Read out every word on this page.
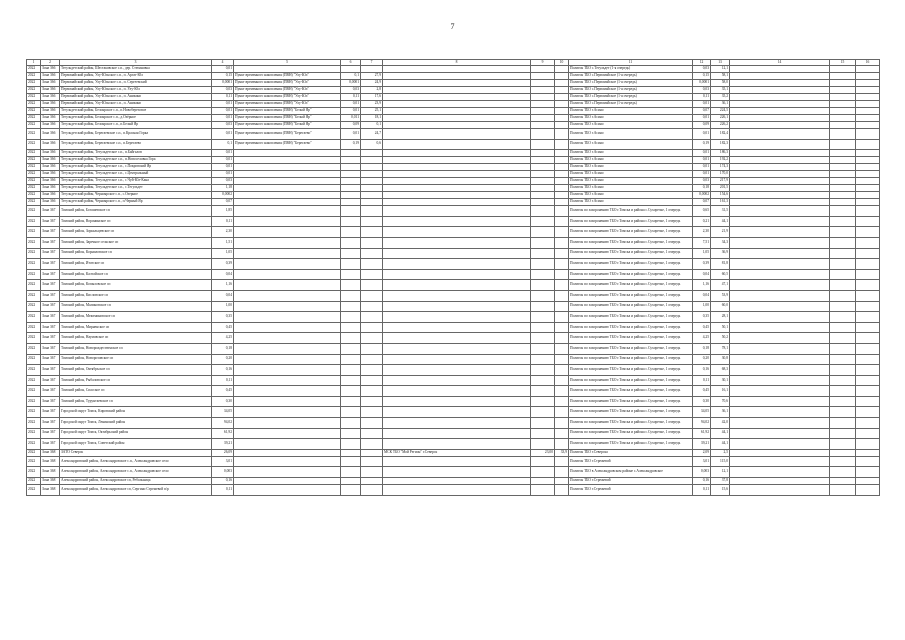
7
1	2	3	4	5	6	7	8	9	10	11	12	13	14	15	16
2022	Зона 366	Тегульдетский район, Шестаковское с.п., дер. Степановка	0,01							Полигон ТБО с.Тегульдет (1-я очередь)	0,03	12,1			
2022	Зона 366	Первомайский район, Улу-Юльское с.п., п. Аргат-Юл	0,15	Пункт временного накопления (ПВН) "Улу-Юл"	0,1	27,9				Полигон ТБО с.Первомайское (1-я очередь)	0,15	58,1			
2022	Зона 366	Первомайский район, Улу-Юльское с.п., п. Сергеевский	0,0001	Пункт временного накопления (ПВН) "Улу-Юл"	0,0001	24,9				Полигон ТБО с.Первомайское (1-я очередь)	0,0001	58,0			
2022	Зона 366	Первомайский район, Улу-Юльское с.п., п. Улу-Юл	0,03	Пункт временного накопления (ПВН) "Улу-Юл"	0,03	2,8				Полигон ТБО с.Первомайское (1-я очередь)	0,03	35,1			
2022	Зона 366	Первомайский район, Улу-Юльское с.п., п. Аникино	0,11	Пункт временного накопления (ПВН) "Улу-Юл"	0,11	17,6				Полигон ТБО с.Первомайское (1-я очередь)	0,11	35,2			
2022	Зона 366	Первомайский район, Улу-Юльское с.п., п. Аникино	0,01	Пункт временного накопления (ПВН) "Улу-Юл"	0,01	23,9				Полигон ТБО с.Первомайское (1-я очередь)	0,01	36,1			
2022	Зона 366	Тегульдетский район, Белоярское с.п., п.Новоберезовое	0,01	Пункт временного накопления (ПВН) "Белый Яр"	0,01	25,1				Полигон ТБО г.Асино	0,07	224,5			
2022	Зона 366	Тегульдетский район, Белоярское с.п., д.Озёрное	0,01	Пункт временного накопления (ПВН) "Белый Яр"	0,011	18,1				Полигон ТБО г.Асино	0,01	226,1			
2022	Зона 366	Тегульдетский район, Белоярское с.п., п.Белый Яр	0,03	Пункт временного накопления (ПВН) "Белый Яр"	0,09	0,1				Полигон ТБО г.Асино	0,09	226,2			
2022	Зона 366	Тегульдетский район, Берегаевское с.п., п.Красная Горка	0,01	Пункт временного накопления (ПВН) "Берегаево"	0,01	24,7				Полигон ТБО г.Асино	0,01	182,4			
2022	Зона 366	Тегульдетский район, Берегаевское с.п., п.Берегаево	0,1	Пункт временного накопления (ПВН) "Берегаево"	0,19	0,6				Полигон ТБО г.Асино	0,19	182,3			
2022	Зона 366	Тегульдетский район, Тегульдетское с.п., п.Байгалов	0,01							Полигон ТБО г.Асино	0,01	186,3			
2022	Зона 366	Тегульдетский район, Тегульдетское с.п., п.Новоселовка Гора	0,01							Полигон ТБО г.Асино	0,01	192,2			
2022	Зона 366	Тегульдетский район, Тегульдетское с.п., с.Покровский Яр	0,01							Полигон ТБО г.Асино	0,01	174,3			
2022	Зона 366	Тегульдетский район, Тегульдетское с.п., с.Центральный	0,01							Полигон ТБО г.Асино	0,01	170,0			
2022	Зона 366	Тегульдетский район, Тегульдетское с.п., с.Чуй-Юл-Кана	0,03							Полигон ТБО г.Асино	0,03	217,9			
2022	Зона 366	Тегульдетский район, Тегульдетское с.п., с.Тегульдет	1,18							Полигон ТБО г.Асино	0,18	201,5			
2022	Зона 366	Тегульдетский район, Черноярское с.п., с.Озерное	0,0002							Полигон ТБО г.Асино	0,0002	154,6			
2022	Зона 366	Тегульдетский район, Черноярское с.п., п.Черный Яр	0,07							Полигон ТБО г.Асино	0,07	161,3			
2022	Зона 367	Томский район, Богашевское сп	1,85							Полигон по захоронению ТБО г.Томска и района с.Сухоречье, 1 очередь	0,65	31,5			
2022	Зона 367	Томский район, Воронинское сп	0,11							Полигон по захоронению ТБО г.Томска и района с.Сухоречье, 1 очередь	0,21	44,1			
2022	Зона 367	Томский район, Зоркальцевское сп	2,30							Полигон по захоронению ТБО г.Томска и района с.Сухоречье, 1 очередь	2,30	21,9			
2022	Зона 367	Томский район, Заречное сельское сп	1,51							Полигон по захоронению ТБО г.Томска и района с.Сухоречье, 1 очередь	7,51	34,3			
2022	Зона 367	Томский район, Корниловское сп	1,05							Полигон по захоронению ТБО г.Томска и района с.Сухоречье, 1 очередь	1,05	36,9			
2022	Зона 367	Томский район, Итатское сп	0,39							Полигон по захоронению ТБО г.Томска и района с.Сухоречье, 1 очередь	0,39	81,8			
2022	Зона 367	Томский район, Калтайское сп	0,04							Полигон по захоронению ТБО г.Томска и района с.Сухоречье, 1 очередь	0,04	60,5			
2022	Зона 367	Томский район, Копыловское сп	1,16							Полигон по захоронению ТБО г.Томска и района с.Сухоречье, 1 очередь	1,16	47,1			
2022	Зона 367	Томский район, Кисловское сп	0,04							Полигон по захоронению ТБО г.Томска и района с.Сухоречье, 1 очередь	0,04	53,9			
2022	Зона 367	Томский район, Малиновское сп	1,00							Полигон по захоронению ТБО г.Томска и района с.Сухоречье, 1 очередь	1,00	60,0			
2022	Зона 367	Томский район, Межениновское сп	0,35							Полигон по захоронению ТБО г.Томска и района с.Сухоречье, 1 очередь	0,35	28,1			
2022	Зона 367	Томский район, Мирненское сп	0,45							Полигон по захоронению ТБО г.Томска и района с.Сухоречье, 1 очередь	0,45	50,1			
2022	Зона 367	Томский район, Наумовское сп	4,25							Полигон по захоронению ТБО г.Томска и района с.Сухоречье, 1 очередь	4,25	50,2			
2022	Зона 367	Томский район, Новорождественское сп	0,18							Полигон по захоронению ТБО г.Томска и района с.Сухоречье, 1 очередь	0,18	78,1			
2022	Зона 367	Томский район, Новорозовское сп	0,20							Полигон по захоронению ТБО г.Томска и района с.Сухоречье, 1 очередь	0,20	30,8			
2022	Зона 367	Томский район, Октябрьское сп	0,16							Полигон по захоронению ТБО г.Томска и района с.Сухоречье, 1 очередь	0,16	68,3			
2022	Зона 367	Томский район, Рыбаловское сп	0,11							Полигон по захоронению ТБО г.Томска и района с.Сухоречье, 1 очередь	0,11	30,1			
2022	Зона 367	Томский район, Спасское сп	0,45							Полигон по захоронению ТБО г.Томска и района с.Сухоречье, 1 очередь	0,45	16,1			
2022	Зона 367	Томский район, Турунтаевское сп	0,30							Полигон по захоронению ТБО г.Томска и района с.Сухоречье, 1 очередь	0,30	70,6			
2022	Зона 367	Городской округ Томск, Кировский район	34,05							Полигон по захоронению ТБО г.Томска и района с.Сухоречье, 1 очередь	34,05	36,1			
2022	Зона 367	Городской округ Томск, Ленинский район	94,02							Полигон по захоронению ТБО г.Томска и района с.Сухоречье, 1 очередь	94,02	42,0			
2022	Зона 367	Городской округ Томск, Октябрьский район	61,92							Полигон по захоронению ТБО г.Томска и района с.Сухоречье, 1 очередь	61,92	44,1			
2022	Зона 367	Городской округ Томск, Советский район	39,21							Полигон по захоронению ТБО г.Томска и района с.Сухоречье, 1 очередь	39,21	44,1			
2022	Зона 368	ЗАТО Северск	26,09				МСК ТБО "Мой Регион" г.Северск	23,00	33,9	Полигон ТБО г.Северска	2,09	2,5			
2022	Зона 368	Александровский район, Александровское с.п., Александровское село	3,01							Полигон ТБО г.Стрежевой	3,01	115,0			
2022	Зона 368	Александровский район, Александровское с.п., Александровское село	0,003							Полигон ТБО в Александровском районе с.Александровское	0,003	12,1			
2022	Зона 368	Александровский район, Александровское сп, Ребольница	0,16							Полигон ТБО г.Стрежевой	0,16	37,8			
2022	Зона 368	Александровский район, Александровское сп, Сергино Стрежевой п/р	0,11							Полигон ТБО г.Стрежевой	0,11	15,6			
